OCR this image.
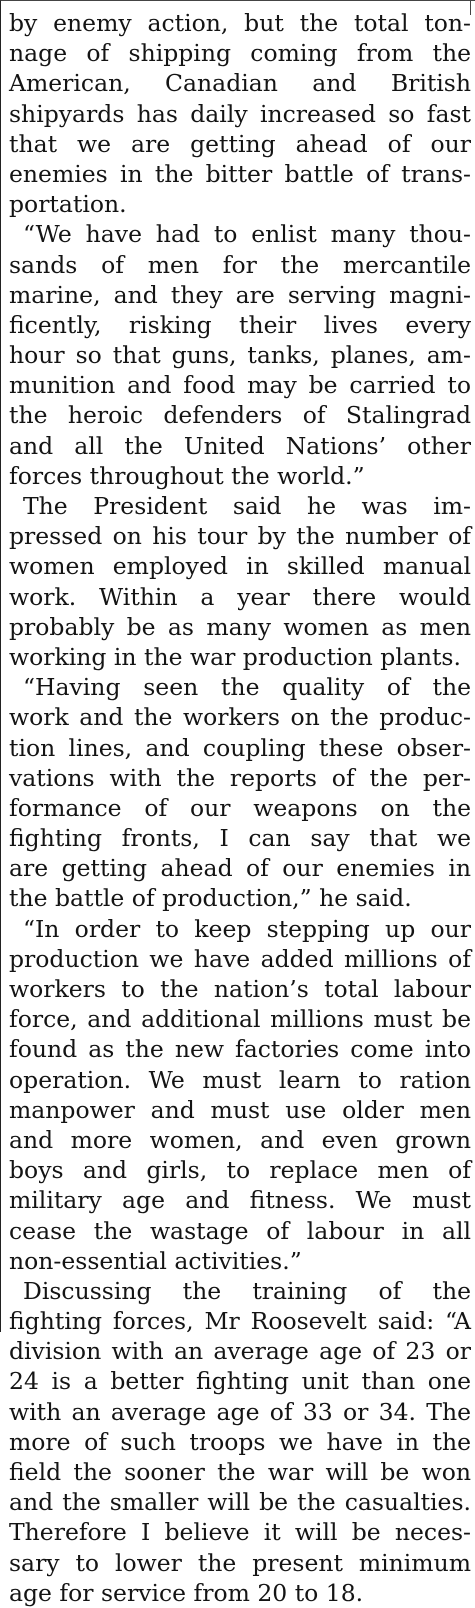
by enemy action, but the total ton-
nage of shipping coming from the
American, Canadian and British
shipyards has daily increased so fast
that we are getting ahead of our
enemies in the bitter battle of trans-
portation.
“We have had to enlist many thou-
sands of men for the mercantile
marine, and they are serving magni-
ficently, risking their lives every
hour so that guns, tanks, planes, am-
munition and food may be carried to
the heroic defenders of Stalingrad
and all the United Nations’ other
forces throughout the world.”
The President said he was im-
pressed on his tour by the number of
women employed in skilled manual
work. Within a year there would
probably be as many women as men
working in the war production plants.
“Having seen the quality of the
work and the workers on the produc-
tion lines, and coupling these obser-
vations with the reports of the per-
formance of our weapons on the
fighting fronts, I can say that we
are getting ahead of our enemies in
the battle of production,” he said.
“In order to keep stepping up our
production we have added millions of
workers to the nation’s total labour
force, and additional millions must be
found as the new factories come into
operation. We must learn to ration
manpower and must use older men
and more women, and even grown
boys and girls, to replace men of
military age and fitness. We must
cease the wastage of labour in all
non-essential activities.”
Discussing the training of the
fighting forces, Mr Roosevelt said: “A
division with an average age of 23 or
24 is a better fighting unit than one
with an average age of 33 or 34. The
more of such troops we have in the
field the sooner the war will be won
and the smaller will be the casualties.
Therefore I believe it will be neces-
sary to lower the present minimum
age for service from 20 to 18.
